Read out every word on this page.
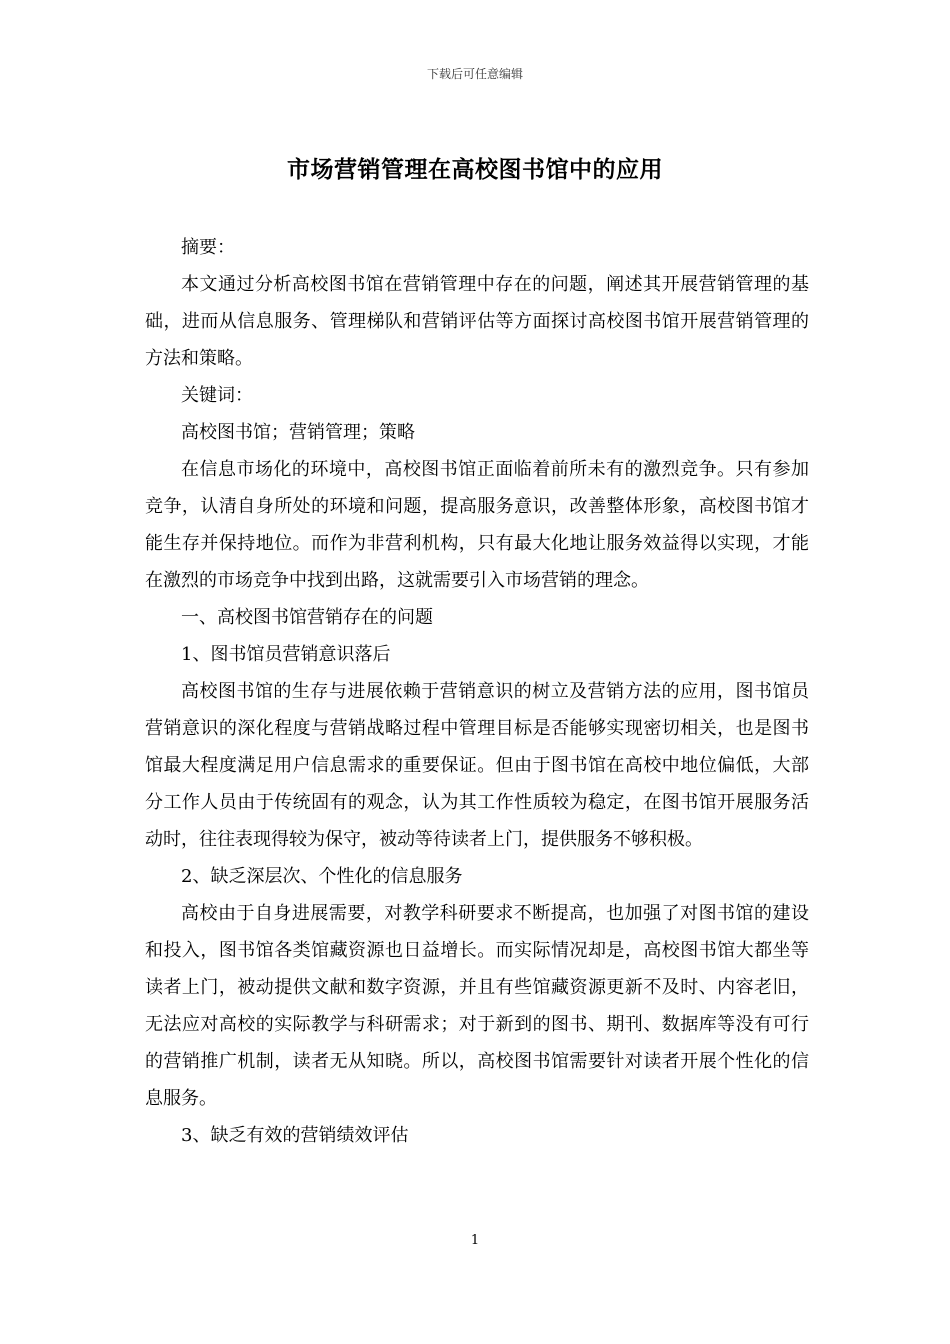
下载后可任意编辑
市场营销管理在高校图书馆中的应用

摘要：

本文通过分析高校图书馆在营销管理中存在的问题，阐述其开展营销管理的基础，进而从信息服务、管理梯队和营销评估等方面探讨高校图书馆开展营销管理的方法和策略。

关键词：

高校图书馆；营销管理；策略

在信息市场化的环境中，高校图书馆正面临着前所未有的激烈竞争。只有参加竞争，认清自身所处的环境和问题，提高服务意识，改善整体形象，高校图书馆才能生存并保持地位。而作为非营利机构，只有最大化地让服务效益得以实现，才能在激烈的市场竞争中找到出路，这就需要引入市场营销的理念。

一、高校图书馆营销存在的问题

1、图书馆员营销意识落后

高校图书馆的生存与进展依赖于营销意识的树立及营销方法的应用，图书馆员营销意识的深化程度与营销战略过程中管理目标是否能够实现密切相关，也是图书馆最大程度满足用户信息需求的重要保证。但由于图书馆在高校中地位偏低，大部分工作人员由于传统固有的观念，认为其工作性质较为稳定，在图书馆开展服务活动时，往往表现得较为保守，被动等待读者上门，提供服务不够积极。

2、缺乏深层次、个性化的信息服务

高校由于自身进展需要，对教学科研要求不断提高，也加强了对图书馆的建设和投入，图书馆各类馆藏资源也日益增长。而实际情况却是，高校图书馆大都坐等读者上门，被动提供文献和数字资源，并且有些馆藏资源更新不及时、内容老旧，无法应对高校的实际教学与科研需求；对于新到的图书、期刊、数据库等没有可行的营销推广机制，读者无从知晓。所以，高校图书馆需要针对读者开展个性化的信息服务。

3、缺乏有效的营销绩效评估

1
